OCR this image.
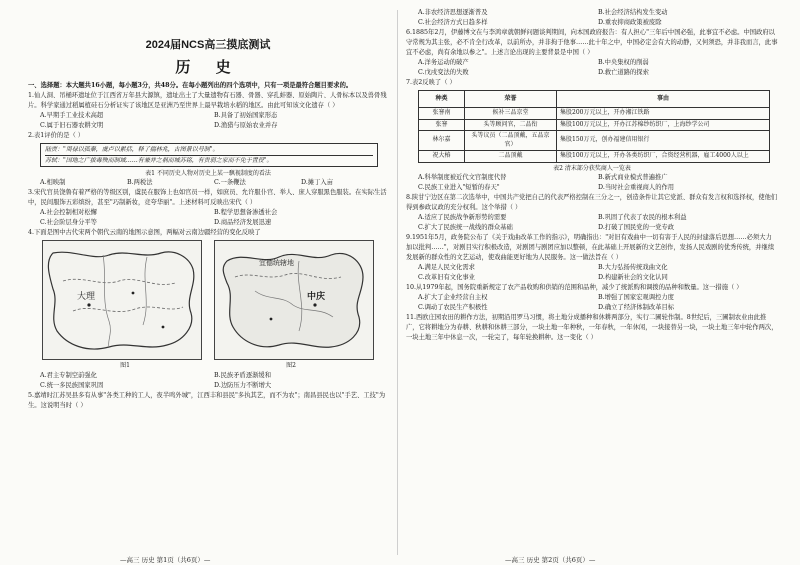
2024届NCS高三摸底测试
历 史

一、选择题：本大题共16小题，每小题3分，共48分。在每小题列出的四个选项中，只有一项是最符合题目要求的。

1.仙人洞、吊桶环遗址位于江西省万年县大源镇，遗址出土了大量遗物有石器、骨器、穿孔蚌器、原始陶片、人骨标本以及兽骨残片。科学家通过稻属植硅石分析证实了该地区是亚洲乃至世界上最早栽培水稻的地区。由此可知该文化遗存（ ）

A.早期手工业技术高超	B.具备了初始国家形态
C.属于旧石器农耕文明	D.渔猎与原始农业并存

2.表1评价的是（ ）

陆贾："周禄以孤秦，虞卢以累括，释了揣林兆，古图景以号制"。
苏轼："国地之广拔毒殃而制域……有兼并之祸而城苏铭，有贵弱之家而不免于置役"。
表1 不同历史人物对历史上某一飘视制度的看法
A.相映制	B.两税法	C.一条鞭法	D.摊丁入亩

3.宋代官员饶鲁有着严格的等级区别，虞民在服饰上也如官员一样，如庶员、允许服仆官、举人、庶人穿服黑色服装。在实际生活中，民间服饰五彩缤纷，甚至"巧制新妆，竞夸华丽"。上述材料可反映出宋代（ ）

A.社会控制相对松懈	B.程学思想备渗透社会
C.社会阶层身分平等	D.商品经济发展迅速

4.下面是图中古代宋两个朝代云南的地图示意图，两幅对云南边疆经营的变化反映了

大理
宜德统辖地
中庆
图1	图2
A.君主专制空前强化	B.民族矛盾逐渐缓和
C.统一多民族国家巩固	D.边防压力不断增大

5.嘉靖时江苏吴县多有从事"各类工种的工人，夜半鸣外城"，江西丰和县民"多执其艺，而不为农"；南昌县民也以"手艺、工技"为生。这说明当时（ ）

A.非农经济思想逐渐普及	B.社会经济结构发生变动
C.社会经济方式日趋多样	D.重农抑商政策被废除

6.1885年2月，伊藤博文在与李鸿章就朝鲜问题谈判期间，向本国政府报告：有人担心"三年后中国必强，此事宜不必虑。中国政府以守常规为其主张，必不肯全行改革，以前所办，并非拘于他事……此十年之中，中国必定会有大的动静，又何须恐，并非我而言，此事宜不必虑，尚有余地以参之"。上述言论出现的主要背景是中国（ ）

A.洋务运动的破产	B.中央集权的削弱
C.戊戌变法的失败	D.救亡道路的探索

7.表2反映了（ ）

种类	荣誉	事由
张謇南	候补三品京堂	集股200万元以上，开办湘江铁路
张謇	头等顾问官，二品衔	集股100万元以上，开办江苏棉纱纺织厂，上海纱学公司
林尔嘉	头等议员（二品顶戴，五品京官）	集股150万元，创办福建信用银行
祝大椿	二品顶戴	集股100万元以上，开办各类纺织厂，合资经营机器，雇工4000人以上
表2 清末部分获奖商人一览表
A.科举制度被近代文官制度代替	B.新式商业模式普遍推广
C.民族工业进入"短暂的春天"	D.当时社会重视商人的作用

8.陕甘宁边区在第二次选举中，中国共产党把自己的代表严格控制在三分之一，创造条件让其它党派、群众有发言权和选择权，使他们得到参政议政的充分权利。这个举措（ ）

A.适应了民族战争新形势的需要	B.巩固了代表了农民的根本利益
C.扩大了民族统一战线的群众基础	D.打破了国民党的一党专政

9.1951年5月，政务院公布了《关于戏曲改革工作的指示》，明确指出："对旧有戏曲中一切有害于人民的封建落后思想……必须大力加以批判……"，对剧目实行积极改造，对剧团与剧团应加以整顿，在此基础上开展新的文艺创作，发扬人民戏剧的优秀传统，并继续发展新的群众性的文艺运动，使戏曲能更好地为人民服务。这一做法旨在（ ）

A.满足人民文化需求	B.大力弘扬传统戏曲文化
C.改革旧有文化事业	D.构建新社会的文化认同

10.从1979年起，国务院重新规定了农产品收购和供销的范围和品种，减少了统派购和调拨的品种和数量。这一措施（ ）

A.扩大了企业经营自主权	B.增强了国家宏观调控力度
C.调动了农民生产积极性	D.确立了经济体制改革目标

11.西欧庄园农田的耕作方法，初期沿用罗马习惯，将土地分成播种和休耕两部分，实行二圃轮作制。8世纪后，三圃制农业由此推广，它将耕地分为春耕、秋耕和休耕三部分，一块土地一年种秋，一年春秋，一年休闲，一块接替另一块，一块土地三年中轮作两次，一块土地三年中休息一次，一轮完了，每年轮换耕种。这一变化（ ）

—高三 历史 第1页（共6页）—	—高三 历史 第2页（共6页）—
